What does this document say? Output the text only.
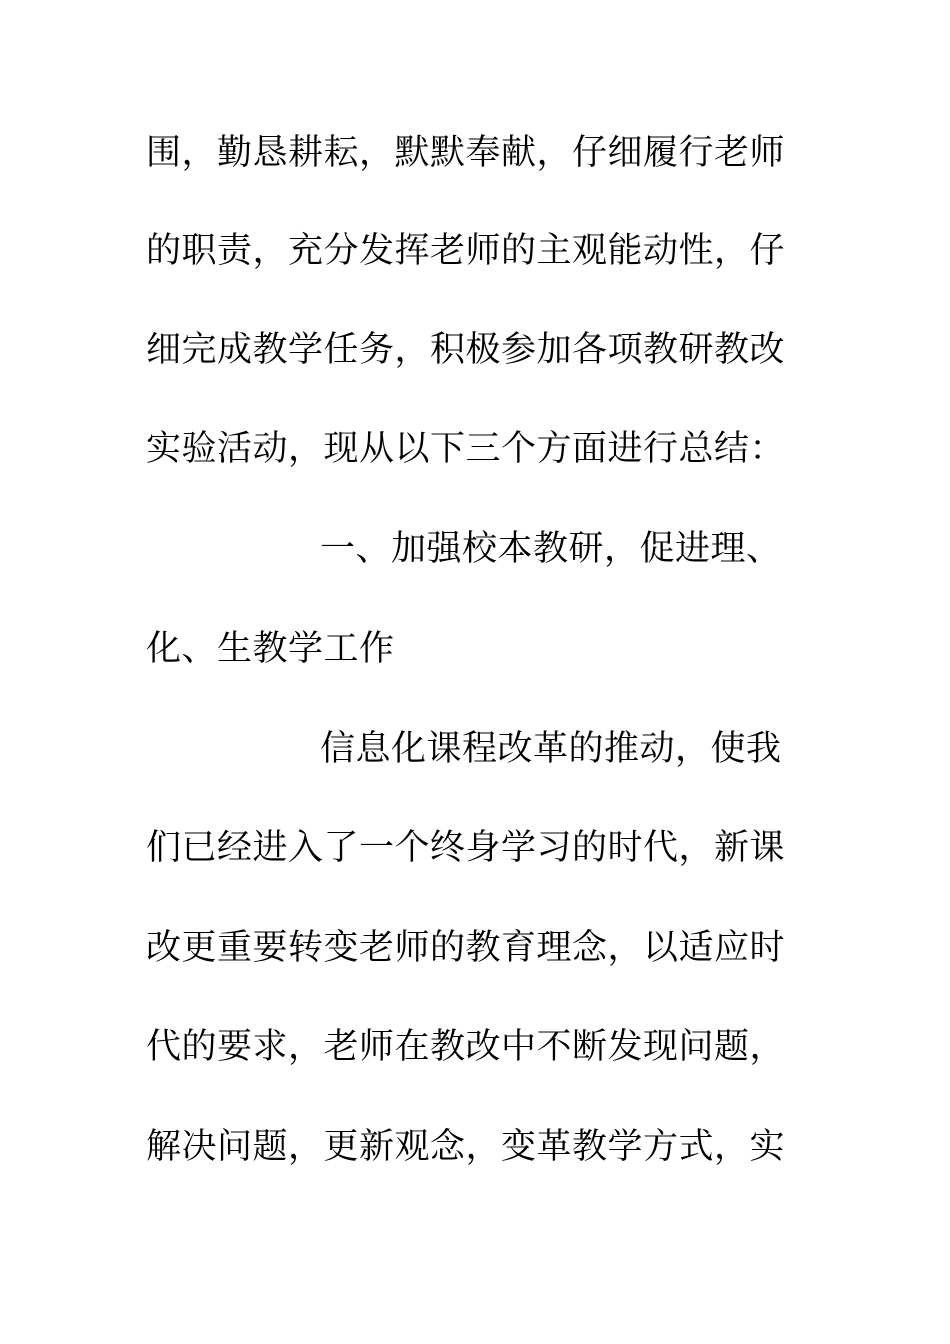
围，勤恳耕耘，默默奉献，仔细履行老师
的职责，充分发挥老师的主观能动性，仔
细完成教学任务，积极参加各项教研教改
实验活动，现从以下三个方面进行总结：
一、加强校本教研，促进理、
化、生教学工作
信息化课程改革的推动，使我
们已经进入了一个终身学习的时代，新课
改更重要转变老师的教育理念，以适应时
代的要求，老师在教改中不断发现问题，
解决问题，更新观念，变革教学方式，实
